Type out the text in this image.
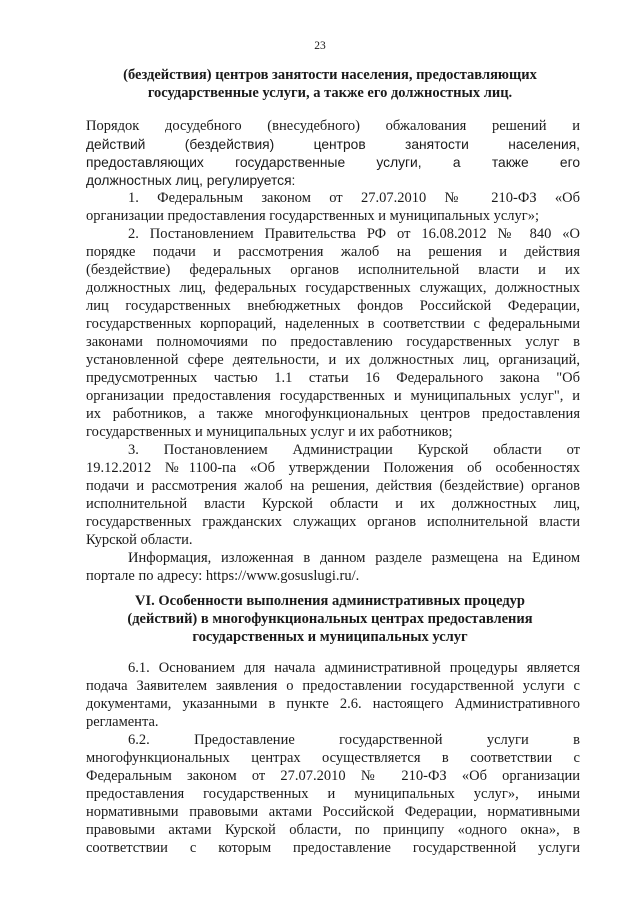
23
(бездействия) центров занятости населения, предоставляющих
государственные услуги, а также его должностных лиц.
Порядок досудебного (внесудебного) обжалования решений и
действий (бездействия) центров занятости населения,
предоставляющих государственные услуги, а также его
должностных лиц, регулируется:
1. Федеральным законом от 27.07.2010 № 210-ФЗ «Об
организации предоставления государственных и муниципальных услуг»;
2. Постановлением Правительства РФ от 16.08.2012 № 840 «О
порядке подачи и рассмотрения жалоб на решения и действия
(бездействие) федеральных органов исполнительной власти и их
должностных лиц, федеральных государственных служащих, должностных
лиц государственных внебюджетных фондов Российской Федерации,
государственных корпораций, наделенных в соответствии с федеральными
законами полномочиями по предоставлению государственных услуг в
установленной сфере деятельности, и их должностных лиц, организаций,
предусмотренных частью 1.1 статьи 16 Федерального закона "Об
организации предоставления государственных и муниципальных услуг", и
их работников, а также многофункциональных центров предоставления
государственных и муниципальных услуг и их работников;
3. Постановлением Администрации Курской области от
19.12.2012 №1100-па «Об утверждении Положения об особенностях
подачи и рассмотрения жалоб на решения, действия (бездействие) органов
исполнительной власти Курской области и их должностных лиц,
государственных гражданских служащих органов исполнительной власти
Курской области.
Информация, изложенная в данном разделе размещена на Едином
портале по адресу: https://www.gosuslugi.ru/.
VI. Особенности выполнения административных процедур
(действий) в многофункциональных центрах предоставления
государственных и муниципальных услуг
6.1. Основанием для начала административной процедуры является
подача Заявителем заявления о предоставлении государственной услуги с
документами, указанными в пункте 2.6. настоящего Административного
регламента.
6.2. Предоставление государственной услуги в
многофункциональных центрах осуществляется в соответствии с
Федеральным законом от 27.07.2010 № 210-ФЗ «Об организации
предоставления государственных и муниципальных услуг», иными
нормативными правовыми актами Российской Федерации, нормативными
правовыми актами Курской области, по принципу «одного окна», в
соответствии с которым предоставление государственной услуги
